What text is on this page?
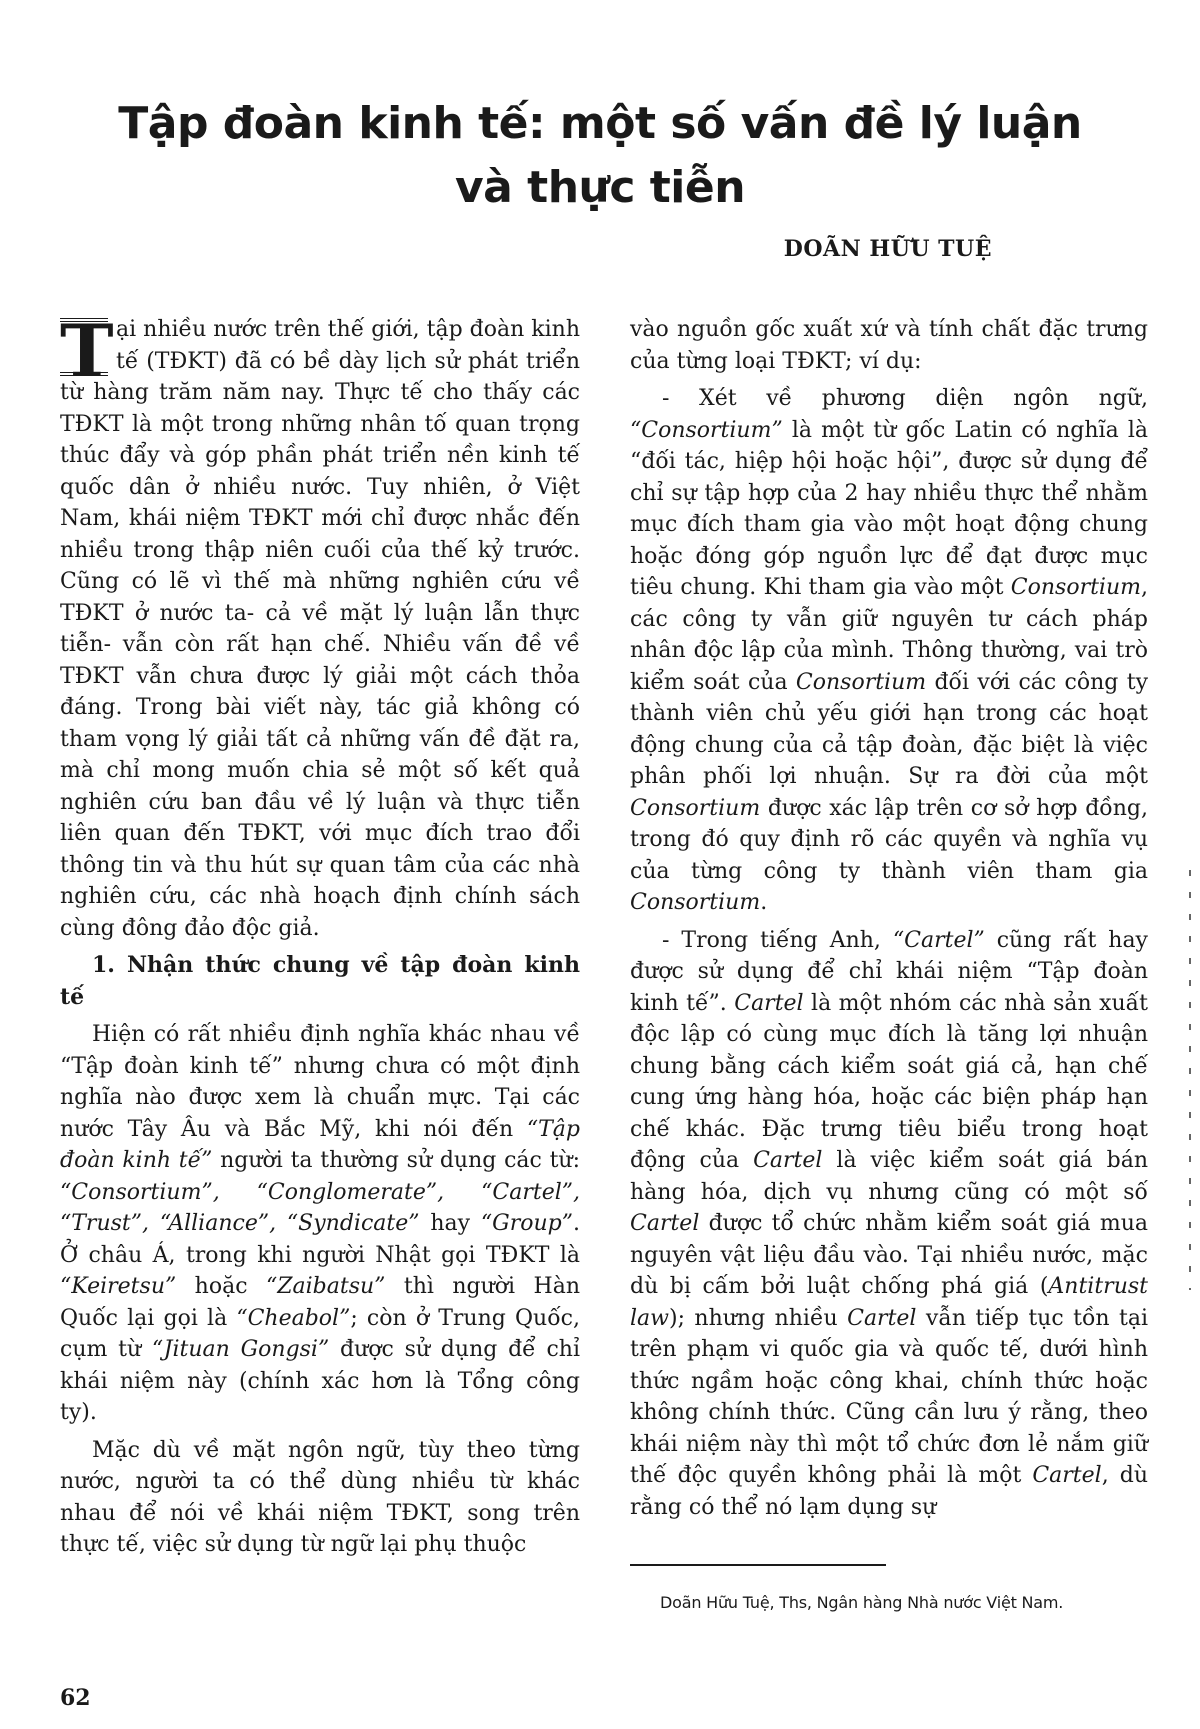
Tập đoàn kinh tế: một số vấn đề lý luận và thực tiễn
DOÃN HỮU TUỆ

T ại nhiều nước trên thế giới, tập đoàn kinh tế (TĐKT) đã có bề dày lịch sử phát triển từ hàng trăm năm nay. Thực tế cho thấy các TĐKT là một trong những nhân tố quan trọng thúc đẩy và góp phần phát triển nền kinh tế quốc dân ở nhiều nước. Tuy nhiên, ở Việt Nam, khái niệm TĐKT mới chỉ được nhắc đến nhiều trong thập niên cuối của thế kỷ trước. Cũng có lẽ vì thế mà những nghiên cứu về TĐKT ở nước ta- cả về mặt lý luận lẫn thực tiễn- vẫn còn rất hạn chế. Nhiều vấn đề về TĐKT vẫn chưa được lý giải một cách thỏa đáng. Trong bài viết này, tác giả không có tham vọng lý giải tất cả những vấn đề đặt ra, mà chỉ mong muốn chia sẻ một số kết quả nghiên cứu ban đầu về lý luận và thực tiễn liên quan đến TĐKT, với mục đích trao đổi thông tin và thu hút sự quan tâm của các nhà nghiên cứu, các nhà hoạch định chính sách cùng đông đảo độc giả.

1. Nhận thức chung về tập đoàn kinh tế

Hiện có rất nhiều định nghĩa khác nhau về “Tập đoàn kinh tế” nhưng chưa có một định nghĩa nào được xem là chuẩn mực. Tại các nước Tây Âu và Bắc Mỹ, khi nói đến “Tập đoàn kinh tế” người ta thường sử dụng các từ: “Consortium”, “Conglomerate”, “Cartel”, “Trust”, “Alliance”, “Syndicate” hay “Group”. Ở châu Á, trong khi người Nhật gọi TĐKT là “Keiretsu” hoặc “Zaibatsu” thì người Hàn Quốc lại gọi là “Cheabol”; còn ở Trung Quốc, cụm từ “Jituan Gongsi” được sử dụng để chỉ khái niệm này (chính xác hơn là Tổng công ty).

Mặc dù về mặt ngôn ngữ, tùy theo từng nước, người ta có thể dùng nhiều từ khác nhau để nói về khái niệm TĐKT, song trên thực tế, việc sử dụng từ ngữ lại phụ thuộc

vào nguồn gốc xuất xứ và tính chất đặc trưng của từng loại TĐKT; ví dụ:

- Xét về phương diện ngôn ngữ, “Consortium” là một từ gốc Latin có nghĩa là “đối tác, hiệp hội hoặc hội”, được sử dụng để chỉ sự tập hợp của 2 hay nhiều thực thể nhằm mục đích tham gia vào một hoạt động chung hoặc đóng góp nguồn lực để đạt được mục tiêu chung. Khi tham gia vào một Consortium, các công ty vẫn giữ nguyên tư cách pháp nhân độc lập của mình. Thông thường, vai trò kiểm soát của Consortium đối với các công ty thành viên chủ yếu giới hạn trong các hoạt động chung của cả tập đoàn, đặc biệt là việc phân phối lợi nhuận. Sự ra đời của một Consortium được xác lập trên cơ sở hợp đồng, trong đó quy định rõ các quyền và nghĩa vụ của từng công ty thành viên tham gia Consortium.

- Trong tiếng Anh, “Cartel” cũng rất hay được sử dụng để chỉ khái niệm “Tập đoàn kinh tế”. Cartel là một nhóm các nhà sản xuất độc lập có cùng mục đích là tăng lợi nhuận chung bằng cách kiểm soát giá cả, hạn chế cung ứng hàng hóa, hoặc các biện pháp hạn chế khác. Đặc trưng tiêu biểu trong hoạt động của Cartel là việc kiểm soát giá bán hàng hóa, dịch vụ nhưng cũng có một số Cartel được tổ chức nhằm kiểm soát giá mua nguyên vật liệu đầu vào. Tại nhiều nước, mặc dù bị cấm bởi luật chống phá giá (Antitrust law); nhưng nhiều Cartel vẫn tiếp tục tồn tại trên phạm vi quốc gia và quốc tế, dưới hình thức ngầm hoặc công khai, chính thức hoặc không chính thức. Cũng cần lưu ý rằng, theo khái niệm này thì một tổ chức đơn lẻ nắm giữ thế độc quyền không phải là một Cartel, dù rằng có thể nó lạm dụng sự

Doãn Hữu Tuệ, Ths, Ngân hàng Nhà nước Việt Nam.
62
